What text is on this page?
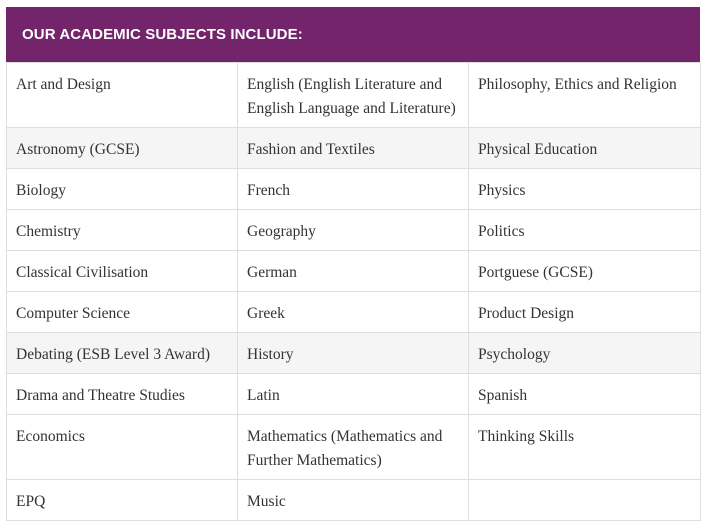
OUR ACADEMIC SUBJECTS INCLUDE:
Art and Design	English (English Literature and English Language and Literature)	Philosophy, Ethics and Religion
Astronomy (GCSE)	Fashion and Textiles	Physical Education
Biology	French	Physics
Chemistry	Geography	Politics
Classical Civilisation	German	Portguese (GCSE)
Computer Science	Greek	Product Design
Debating (ESB Level 3 Award)	History	Psychology
Drama and Theatre Studies	Latin	Spanish
Economics	Mathematics (Mathematics and Further Mathematics)	Thinking Skills
EPQ	Music	
